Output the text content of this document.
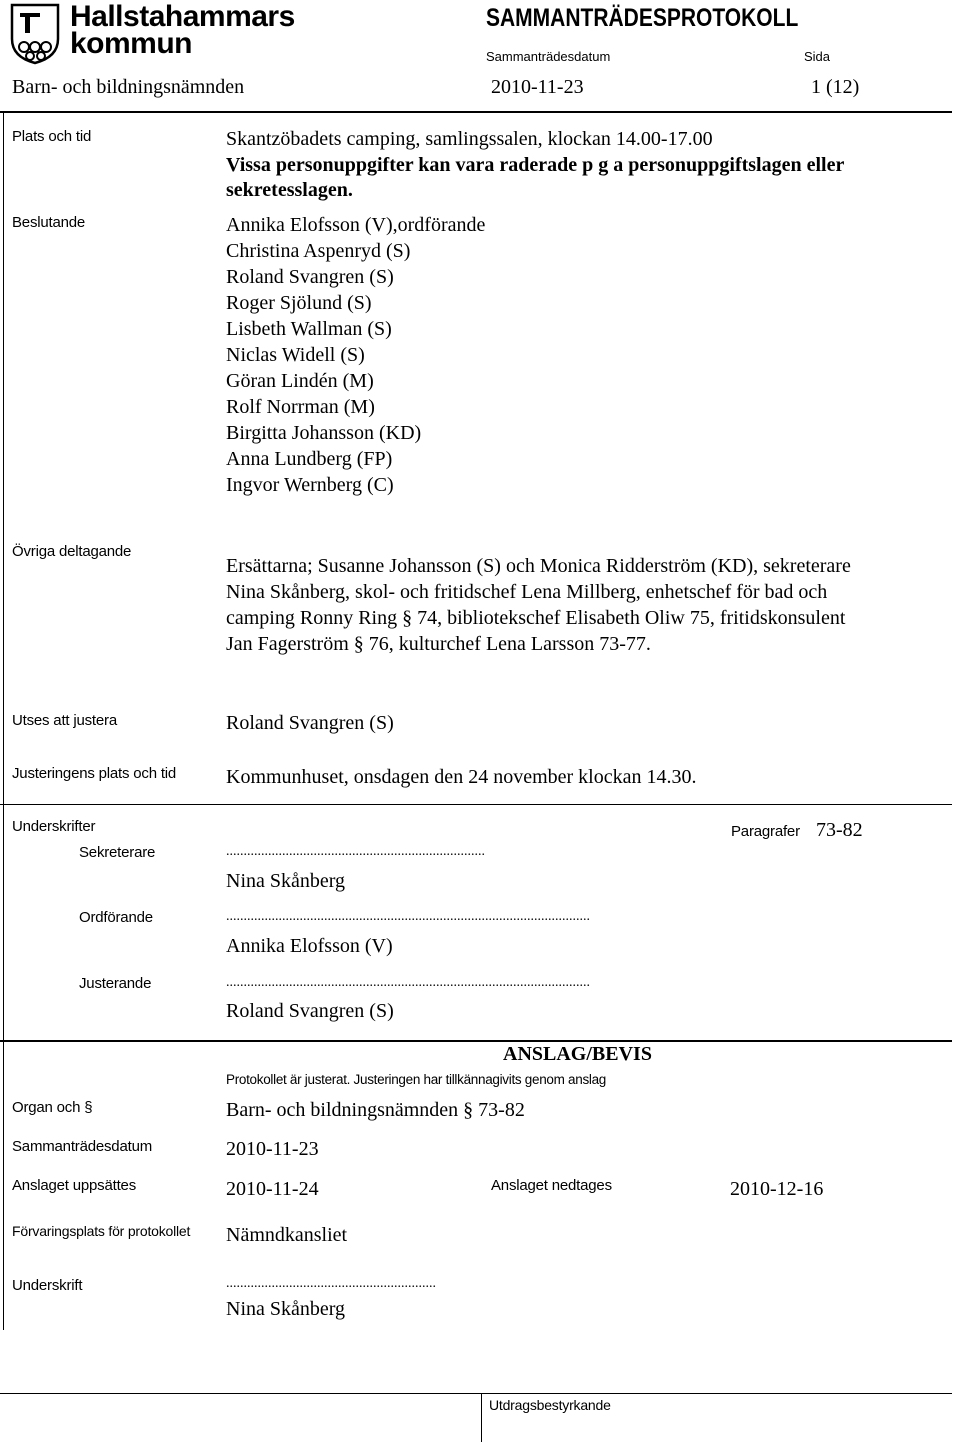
Hallstahammars
kommun
SAMMANTRÄDESPROTOKOLL
Sammanträdesdatum	Sida
Barn- och bildningsnämnden	2010-11-23	1 (12)
Plats och tid	Skantzöbadets camping, samlingssalen, klockan 14.00-17.00
Vissa personuppgifter kan vara raderade p g a personuppgiftslagen eller
sekretesslagen.
Beslutande	Annika Elofsson (V),ordförande
Christina Aspenryd (S)
Roland Svangren (S)
Roger Sjölund (S)
Lisbeth Wallman (S)
Niclas Widell (S)
Göran Lindén (M)
Rolf Norrman (M)
Birgitta Johansson (KD)
Anna Lundberg (FP)
Ingvor Wernberg (C)
Övriga deltagande
Ersättarna; Susanne Johansson (S) och Monica Ridderström (KD), sekreterare
Nina Skånberg, skol- och fritidschef Lena Millberg, enhetschef för bad och
camping Ronny Ring § 74, bibliotekschef Elisabeth Oliw 75, fritidskonsulent
Jan Fagerström § 76, kulturchef Lena Larsson 73-77.
Utses att justera	Roland Svangren (S)
Justeringens plats och tid Kommunhuset, onsdagen den 24 november klockan 14.30.
Underskrifter	Paragrafer 73-82
Sekreterare	..........................................................................
Nina Skånberg
Ordförande	........................................................................................................
Annika Elofsson (V)
Justerande	........................................................................................................
Roland Svangren (S)
ANSLAG/BEVIS
Protokollet är justerat. Justeringen har tillkännagivits genom anslag
Organ och §	Barn- och bildningsnämnden § 73-82
Sammanträdesdatum	2010-11-23
Anslaget uppsättes	2010-11-24	Anslaget nedtages	2010-12-16
Förvaringsplats för protokollet Nämndkansliet
Underskrift	............................................................
Nina Skånberg
Utdragsbestyrkande
